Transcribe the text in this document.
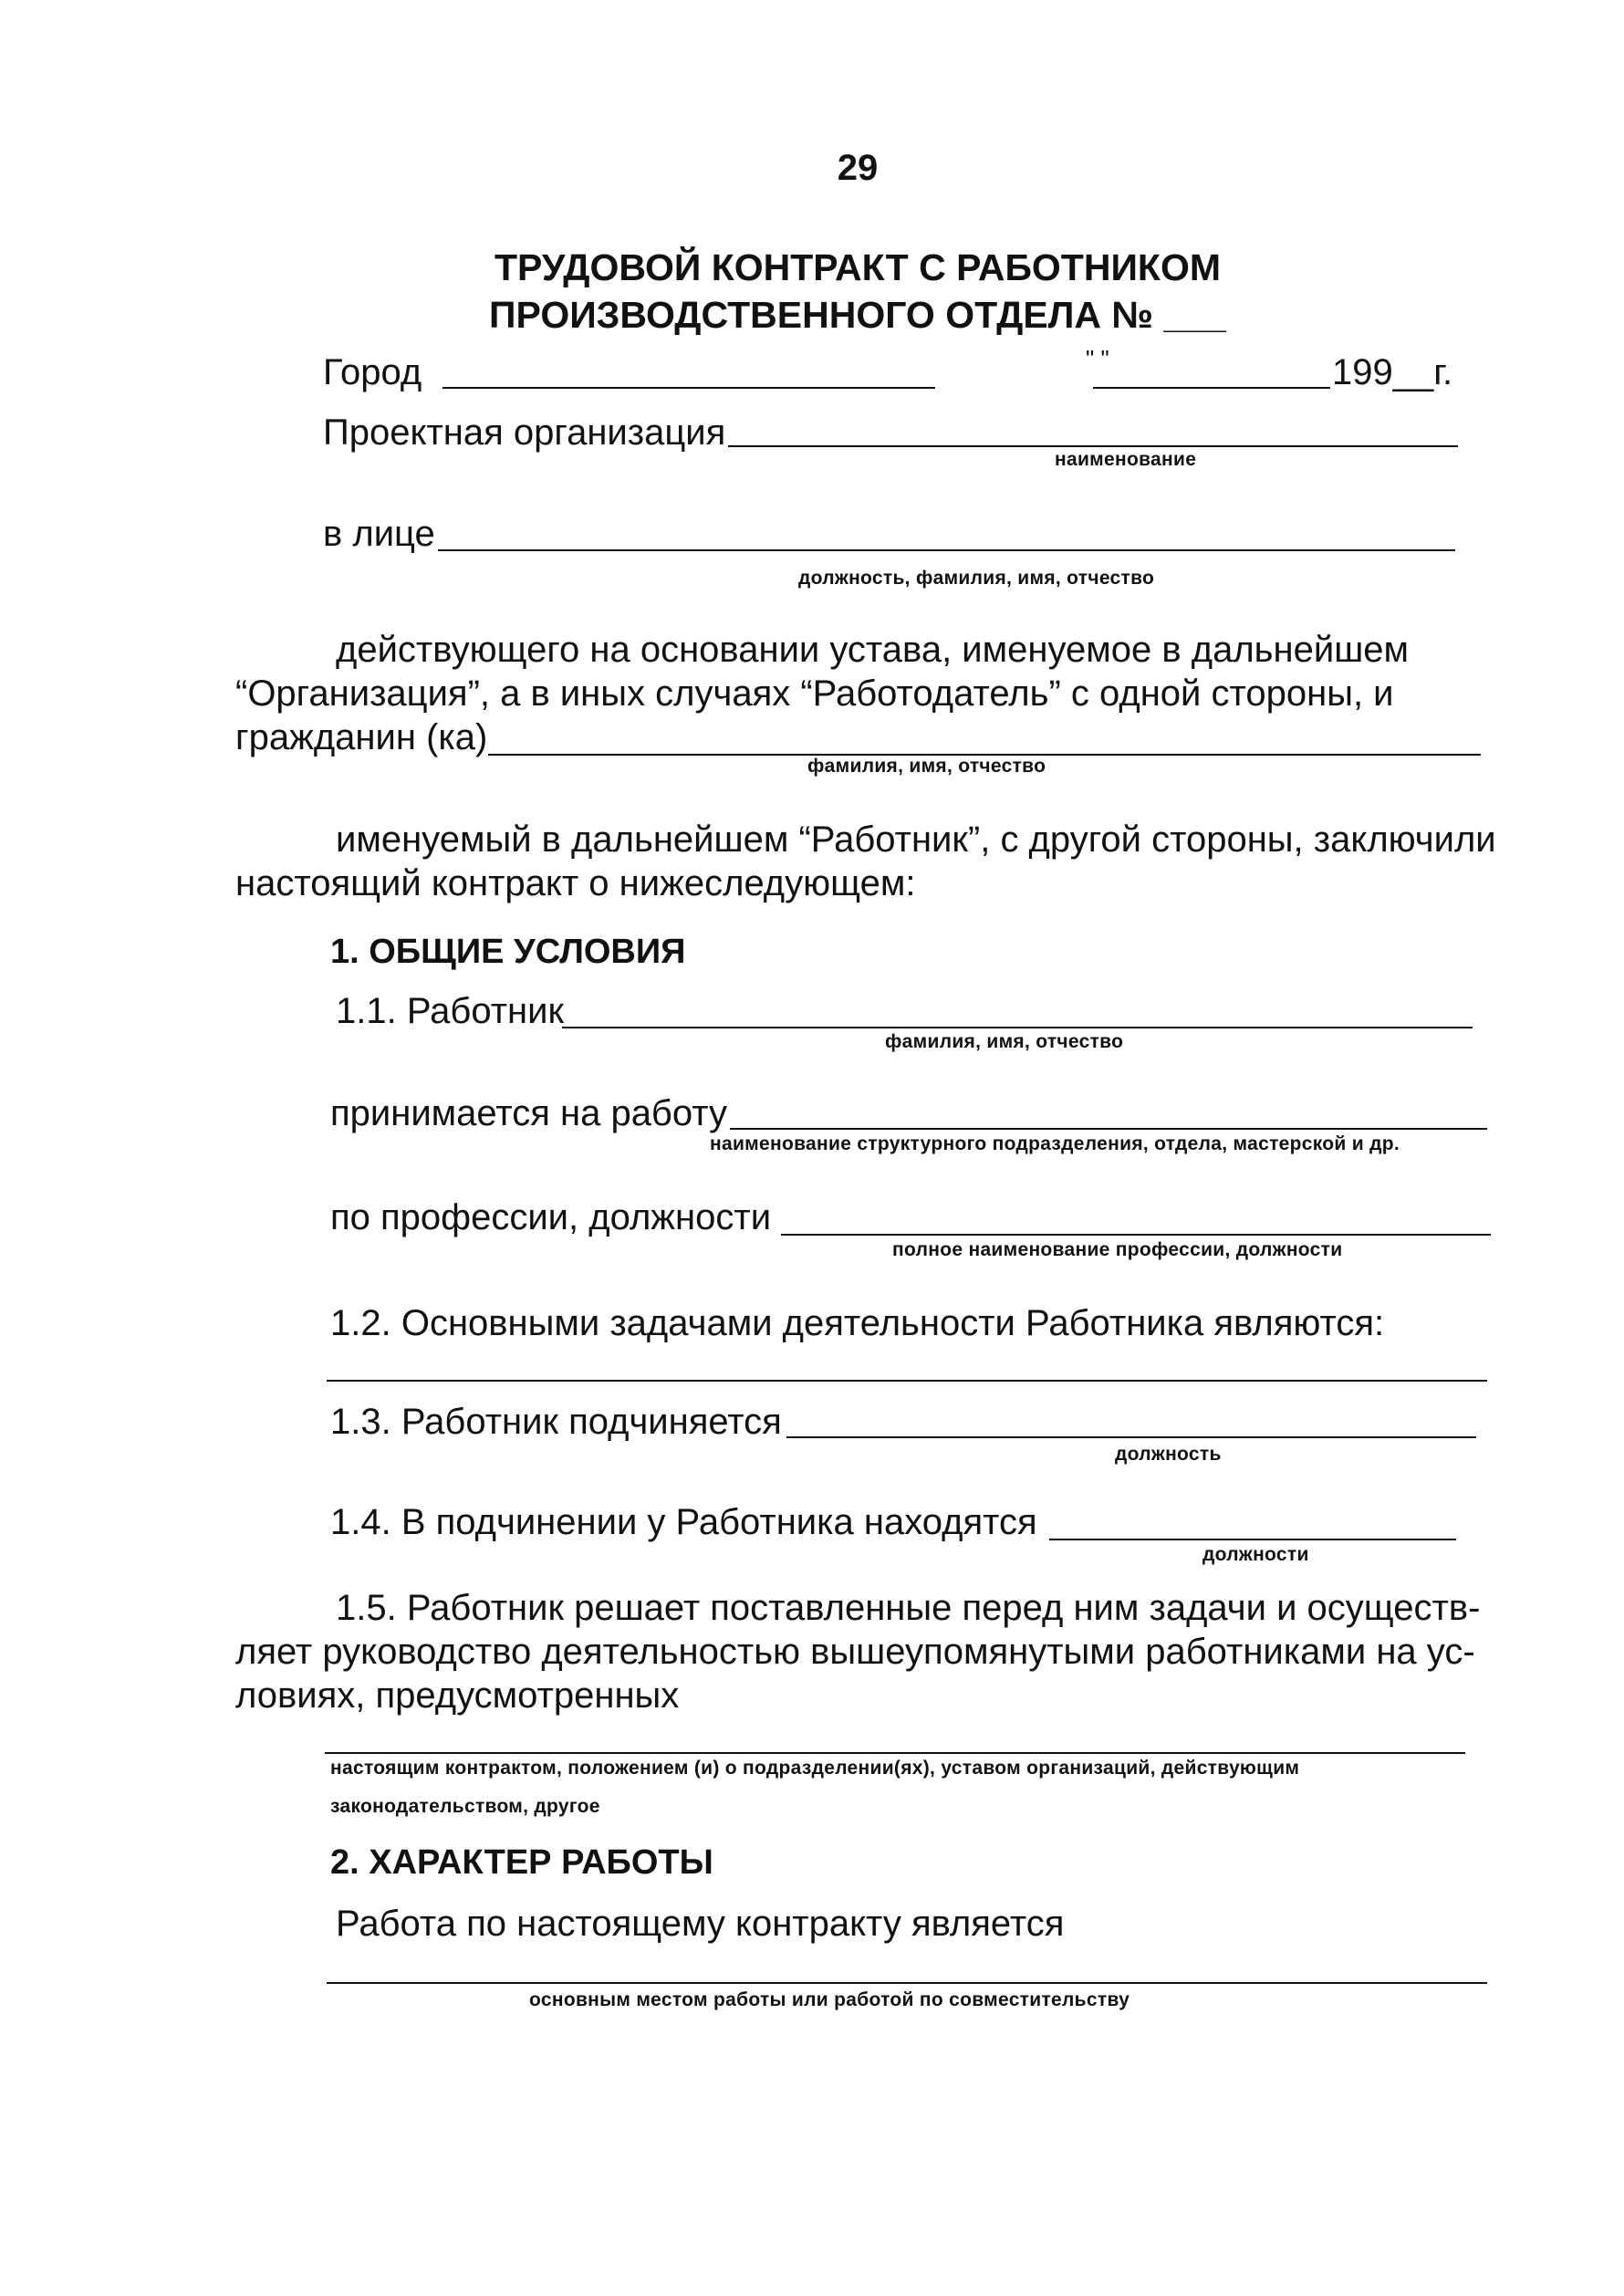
29
ТРУДОВОЙ КОНТРАКТ С РАБОТНИКОМ
ПРОИЗВОДСТВЕННОГО ОТДЕЛА № ___
Город	" "	199__г.
Проектная организация
наименование
в лице
должность, фамилия, имя, отчество
действующего на основании устава, именуемое в дальнейшем
“Организация”, а в иных случаях “Работодатель” с одной стороны, и
гражданин (ка)
фамилия, имя, отчество
именуемый в дальнейшем “Работник”, с другой стороны, заключили
настоящий контракт о нижеследующем:
1. ОБЩИЕ УСЛОВИЯ
1.1. Работник
фамилия, имя, отчество
принимается на работу
наименование структурного подразделения, отдела, мастерской и др.
по профессии, должности
полное наименование профессии, должности
1.2. Основными задачами деятельности Работника являются:
1.3. Работник подчиняется
должность
1.4. В подчинении у Работника находятся
должности
1.5. Работник решает поставленные перед ним задачи и осуществ-
ляет руководство деятельностью вышеупомянутыми работниками на ус-
ловиях, предусмотренных
настоящим контрактом, положением (и) о подразделении(ях), уставом организаций, действующим
законодательством, другое
2. ХАРАКТЕР РАБОТЫ
Работа по настоящему контракту является
основным местом работы или работой по совместительству
